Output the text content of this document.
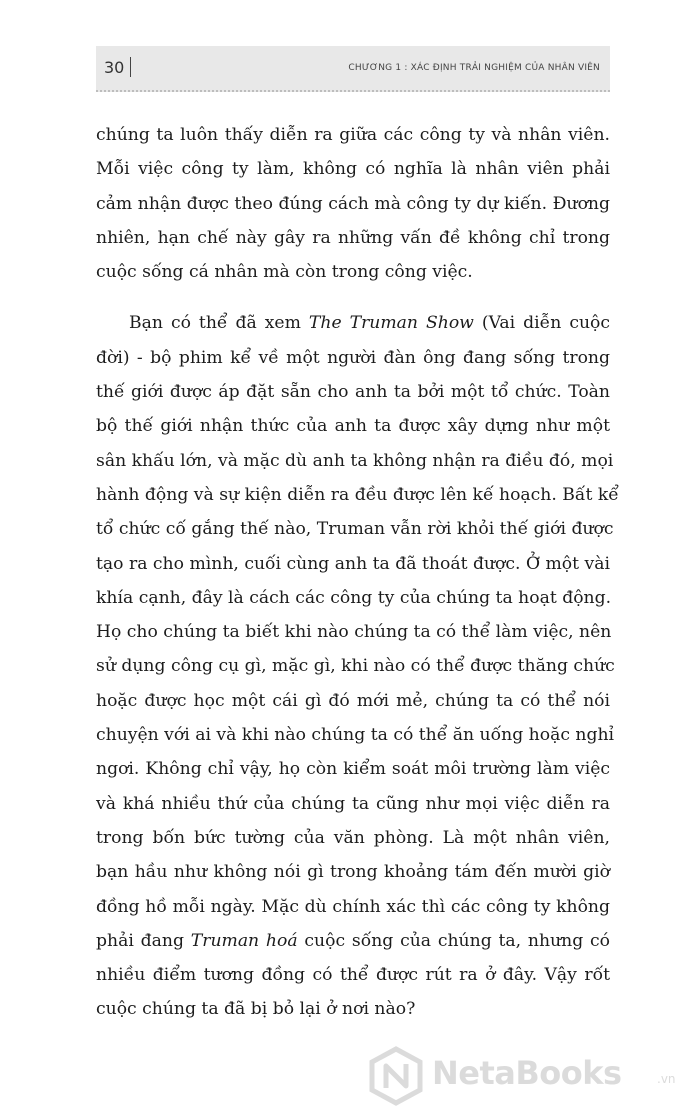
30	CHƯƠNG 1 : XÁC ĐỊNH TRẢI NGHIỆM CỦA NHÂN VIÊN

chúng ta luôn thấy diễn ra giữa các công ty và nhân viên.
Mỗi việc công ty làm, không có nghĩa là nhân viên phải
cảm nhận được theo đúng cách mà công ty dự kiến. Đương
nhiên, hạn chế này gây ra những vấn đề không chỉ trong
cuộc sống cá nhân mà còn trong công việc.

Bạn có thể đã xem The Truman Show (Vai diễn cuộc
đời) - bộ phim kể về một người đàn ông đang sống trong
thế giới được áp đặt sẵn cho anh ta bởi một tổ chức. Toàn
bộ thế giới nhận thức của anh ta được xây dựng như một
sân khấu lớn, và mặc dù anh ta không nhận ra điều đó, mọi
hành động và sự kiện diễn ra đều được lên kế hoạch. Bất kể
tổ chức cố gắng thế nào, Truman vẫn rời khỏi thế giới được
tạo ra cho mình, cuối cùng anh ta đã thoát được. Ở một vài
khía cạnh, đây là cách các công ty của chúng ta hoạt động.
Họ cho chúng ta biết khi nào chúng ta có thể làm việc, nên
sử dụng công cụ gì, mặc gì, khi nào có thể được thăng chức
hoặc được học một cái gì đó mới mẻ, chúng ta có thể nói
chuyện với ai và khi nào chúng ta có thể ăn uống hoặc nghỉ
ngơi. Không chỉ vậy, họ còn kiểm soát môi trường làm việc
và khá nhiều thứ của chúng ta cũng như mọi việc diễn ra
trong bốn bức tường của văn phòng. Là một nhân viên,
bạn hầu như không nói gì trong khoảng tám đến mười giờ
đồng hồ mỗi ngày. Mặc dù chính xác thì các công ty không
phải đang Truman hoá cuộc sống của chúng ta, nhưng có
nhiều điểm tương đồng có thể được rút ra ở đây. Vậy rốt
cuộc chúng ta đã bị bỏ lại ở nơi nào?

NetaBooks	.vn
